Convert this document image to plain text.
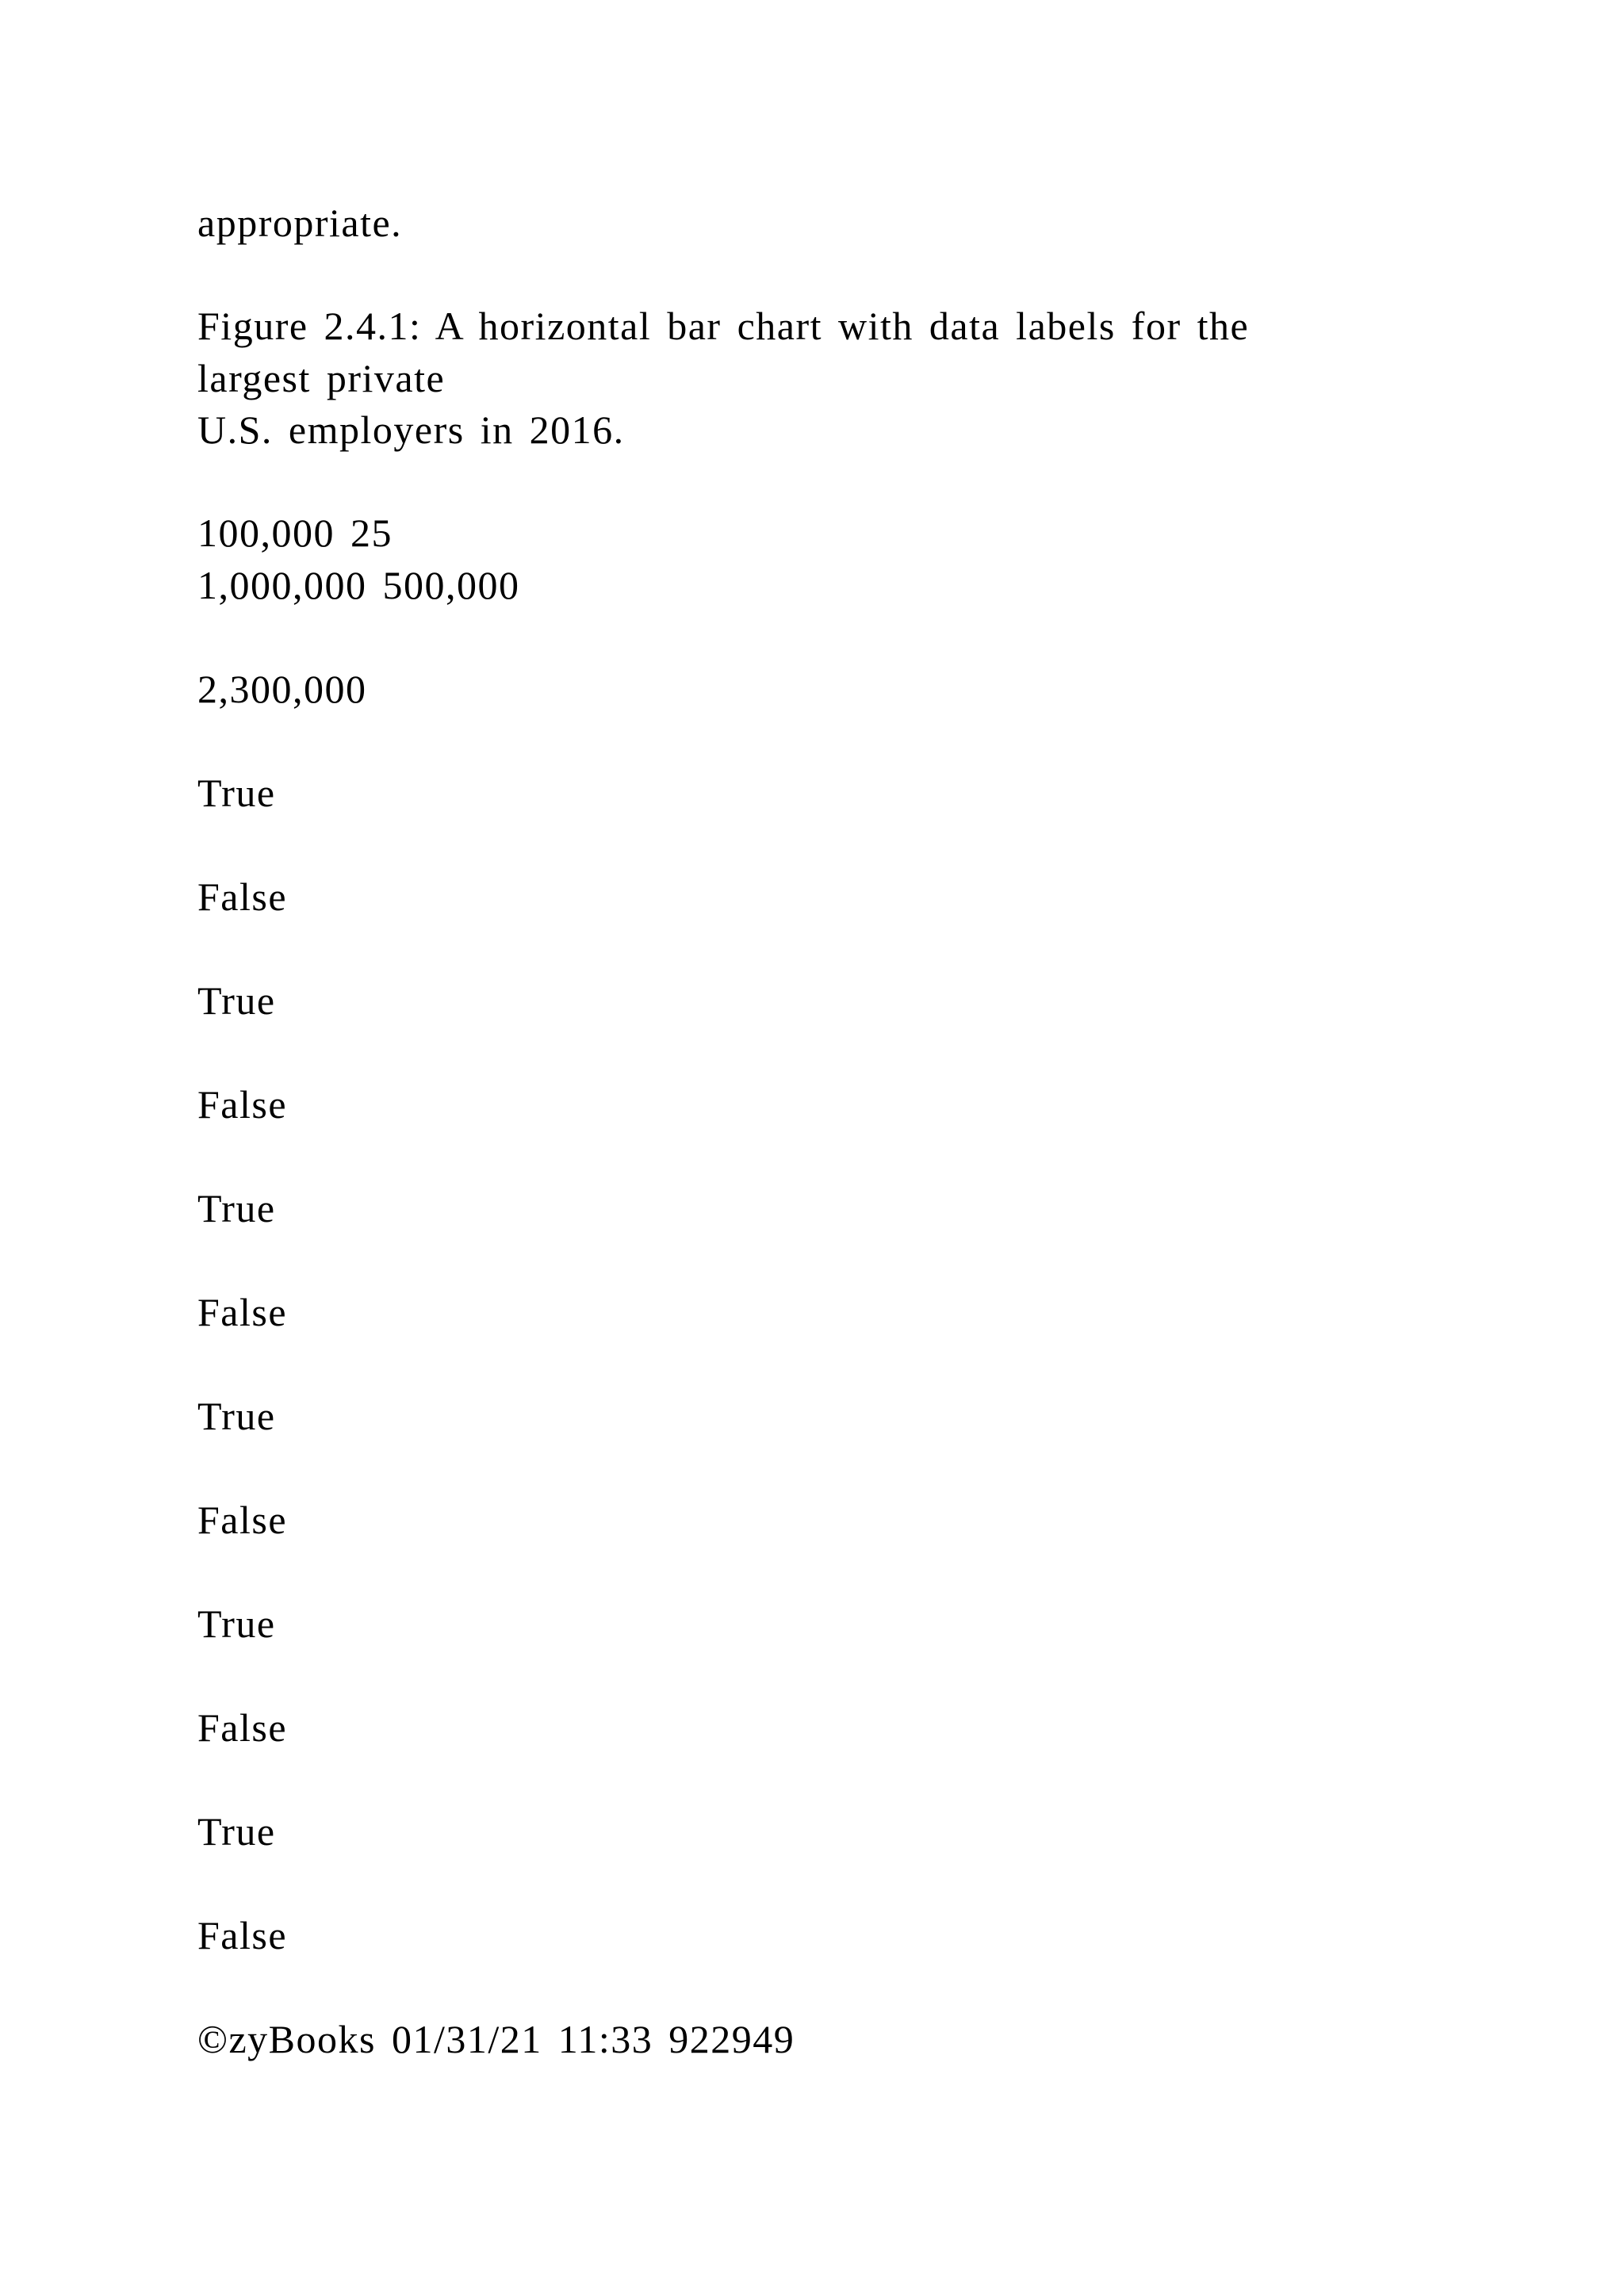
appropriate.

Figure 2.4.1: A horizontal bar chart with data labels for the

largest private

U.S. employers in 2016.

100,000 25

1,000,000 500,000

2,300,000

True

False

True

False

True

False

True

False

True

False

True

False

©zyBooks 01/31/21 11:33 922949
